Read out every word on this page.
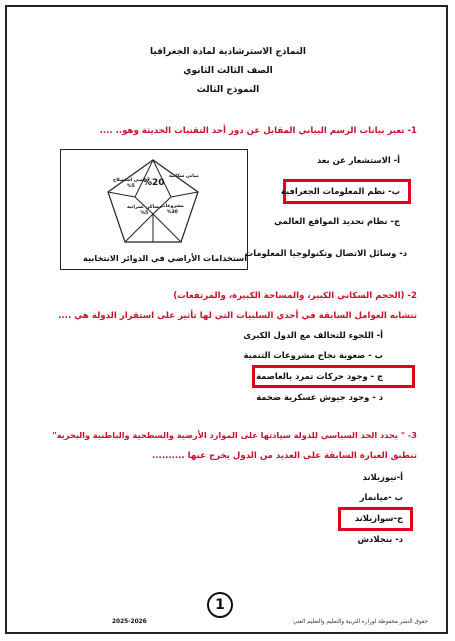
النماذج الاسترشادية لمادة الجغرافيا
الصف الثالث الثانوي
النموذج الثالث
1- تعبر بيانات الرسم البياني المقابل عن دور أحد التقنيات الحديثة وهو.. ....
%20
أراضي استصلاح
%5
مباني سكانية
مساكن عمرانية
%5
مشروعات
%30
استخدامات الأراضي في الدوائر الانتخابية
أ- الاستشعار عن بعد
ب- نظم المعلومات الجغرافية
ج- نظام تحديد المواقع العالمي
د- وسائل الاتصال وتكنولوجيا المعلومات
2- (الحجم السكاني الكبير، والمساحة الكبيرة، والمرتفعات)
تتشابه العوامل السابقة في أحدي السلبيات التي لها تأثير على استقرار الدولة هي ....
أ- اللجوء للتحالف مع الدول الكبرى
ب - صعوبة نجاح مشروعات التنمية
ج - وجود حركات تمرد بالعاصمة
د - وجود جيوش عسكرية ضخمة
3- " يحدد الحد السياسي للدولة سيادتها على الموارد الأرضية والسطحية والباطنية والبحرية"
تنطبق العبارة السابقة على العديد من الدول يخرج عنها ..........
أ-نيوزيلاند
ب -ميانمار
ج-سوازيلاند
د- بنجلادش
1
حقوق النشر محفوظة لوزارة التربية والتعليم والتعليم الفني
2025-2026
